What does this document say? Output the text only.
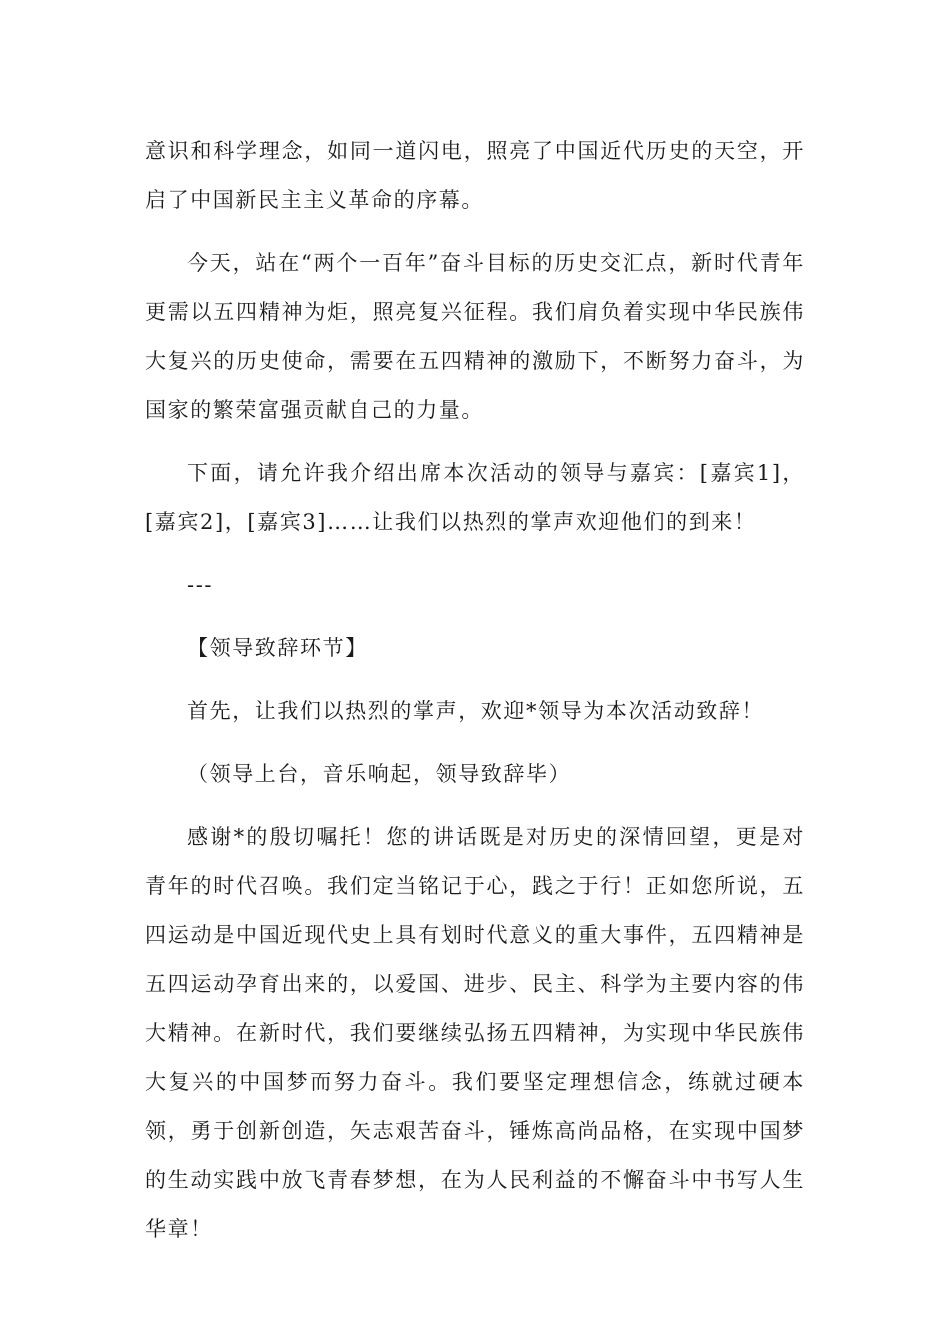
意识和科学理念，如同一道闪电，照亮了中国近代历史的天空，开启了中国新民主主义革命的序幕。

今天，站在“两个一百年”奋斗目标的历史交汇点，新时代青年更需以五四精神为炬，照亮复兴征程。我们肩负着实现中华民族伟大复兴的历史使命，需要在五四精神的激励下，不断努力奋斗，为国家的繁荣富强贡献自己的力量。

下面，请允许我介绍出席本次活动的领导与嘉宾：[嘉宾1]，[嘉宾2]，[嘉宾3]……让我们以热烈的掌声欢迎他们的到来！

---

【领导致辞环节】

首先，让我们以热烈的掌声，欢迎*领导为本次活动致辞！

（领导上台，音乐响起，领导致辞毕）

感谢*的殷切嘱托！您的讲话既是对历史的深情回望，更是对青年的时代召唤。我们定当铭记于心，践之于行！正如您所说，五四运动是中国近现代史上具有划时代意义的重大事件，五四精神是五四运动孕育出来的，以爱国、进步、民主、科学为主要内容的伟大精神。在新时代，我们要继续弘扬五四精神，为实现中华民族伟大复兴的中国梦而努力奋斗。我们要坚定理想信念，练就过硬本领，勇于创新创造，矢志艰苦奋斗，锤炼高尚品格，在实现中国梦的生动实践中放飞青春梦想，在为人民利益的不懈奋斗中书写人生华章！
